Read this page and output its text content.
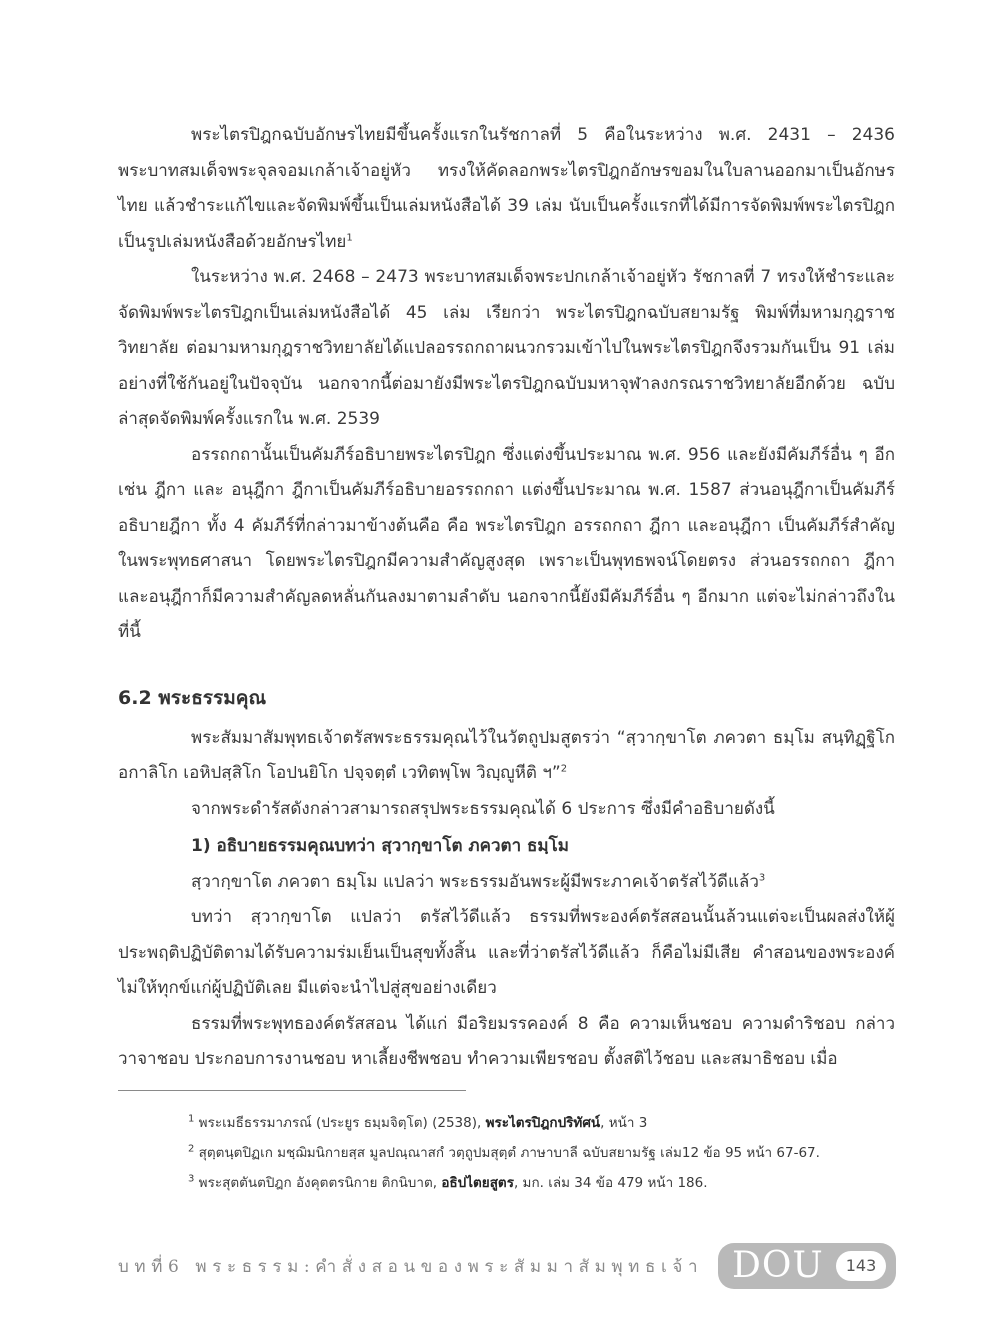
พระไตรปิฎกฉบับอักษรไทยมีขึ้นครั้งแรกในรัชกาลที่ 5 คือในระหว่าง พ.ศ. 2431 – 2436 พระบาทสมเด็จพระจุลจอมเกล้าเจ้าอยู่หัว ทรงให้คัดลอกพระไตรปิฎกอักษรขอมในใบลานออกมาเป็นอักษรไทย แล้วชำระแก้ไขและจัดพิมพ์ขึ้นเป็นเล่มหนังสือได้ 39 เล่ม นับเป็นครั้งแรกที่ได้มีการจัดพิมพ์พระไตรปิฎกเป็นรูปเล่มหนังสือด้วยอักษรไทย$^1$

ในระหว่าง พ.ศ. 2468 – 2473 พระบาทสมเด็จพระปกเกล้าเจ้าอยู่หัว รัชกาลที่ 7 ทรงให้ชำระและจัดพิมพ์พระไตรปิฎกเป็นเล่มหนังสือได้ 45 เล่ม เรียกว่า พระไตรปิฎกฉบับสยามรัฐ พิมพ์ที่มหามกุฎราชวิทยาลัย ต่อมามหามกุฎราชวิทยาลัยได้แปลอรรถกถาผนวกรวมเข้าไปในพระไตรปิฎกจึงรวมกันเป็น 91 เล่มอย่างที่ใช้กันอยู่ในปัจจุบัน นอกจากนี้ต่อมายังมีพระไตรปิฎกฉบับมหาจุฬาลงกรณราชวิทยาลัยอีกด้วย ฉบับล่าสุดจัดพิมพ์ครั้งแรกใน พ.ศ. 2539

อรรถกถานั้นเป็นคัมภีร์อธิบายพระไตรปิฎก ซึ่งแต่งขึ้นประมาณ พ.ศ. 956 และยังมีคัมภีร์อื่น ๆ อีก เช่น ฎีกา และ อนุฎีกา ฎีกาเป็นคัมภีร์อธิบายอรรถกถา แต่งขึ้นประมาณ พ.ศ. 1587 ส่วนอนุฎีกาเป็นคัมภีร์อธิบายฎีกา ทั้ง 4 คัมภีร์ที่กล่าวมาข้างต้นคือ คือ พระไตรปิฎก อรรถกถา ฎีกา และอนุฎีกา เป็นคัมภีร์สำคัญในพระพุทธศาสนา โดยพระไตรปิฎกมีความสำคัญสูงสุด เพราะเป็นพุทธพจน์โดยตรง ส่วนอรรถกถา ฎีกา และอนุฎีกาก็มีความสำคัญลดหลั่นกันลงมาตามลำดับ นอกจากนี้ยังมีคัมภีร์อื่น ๆ อีกมาก แต่จะไม่กล่าวถึงในที่นี้

6.2 พระธรรมคุณ

พระสัมมาสัมพุทธเจ้าตรัสพระธรรมคุณไว้ในวัตถูปมสูตรว่า “สฺวากฺขาโต ภควตา ธมฺโม สนฺทิฏฺฐิโก อกาลิโก เอหิปสฺสิโก โอปนยิโก ปจฺจตฺตํ เวทิตพฺโพ วิญฺญูหีติ ฯ”$^2$

จากพระดำรัสดังกล่าวสามารถสรุปพระธรรมคุณได้ 6 ประการ ซึ่งมีคำอธิบายดังนี้

1) อธิบายธรรมคุณบทว่า สฺวากฺขาโต ภควตา ธมฺโม

สฺวากฺขาโต ภควตา ธมฺโม แปลว่า พระธรรมอันพระผู้มีพระภาคเจ้าตรัสไว้ดีแล้ว$^3$

บทว่า สฺวากฺขาโต แปลว่า ตรัสไว้ดีแล้ว ธรรมที่พระองค์ตรัสสอนนั้นล้วนแต่จะเป็นผลส่งให้ผู้ประพฤติปฏิบัติตามได้รับความร่มเย็นเป็นสุขทั้งสิ้น และที่ว่าตรัสไว้ดีแล้ว ก็คือไม่มีเสีย คำสอนของพระองค์ไม่ให้ทุกข์แก่ผู้ปฏิบัติเลย มีแต่จะนำไปสู่สุขอย่างเดียว

ธรรมที่พระพุทธองค์ตรัสสอน ได้แก่ มีอริยมรรคองค์ 8 คือ ความเห็นชอบ ความดำริชอบ กล่าววาจาชอบ ประกอบการงานชอบ หาเลี้ยงชีพชอบ ทำความเพียรชอบ ตั้งสติไว้ชอบ และสมาธิชอบ เมื่อ

$^1$ พระเมธีธรรมาภรณ์ (ประยูร ธมฺมจิตฺโต) (2538), พระไตรปิฎกปริทัศน์, หน้า 3

$^2$ สุตฺตนฺตปิฏเก มชฺฌิมนิกายสฺส มูลปณฺณาสกํ วตฺถูปมสุตฺตํ ภาษาบาลี ฉบับสยามรัฐ เล่ม12 ข้อ 95 หน้า 67-67.

$^3$ พระสุตตันตปิฎก อังคุตตรนิกาย ติกนิบาต, อธิปไตยสูตร, มก. เล่ม 34 ข้อ 479 หน้า 186.

บทที่6 พระธรรม:คำสั่งสอนของพระสัมมาสัมพุทธเจ้า DOU	143
